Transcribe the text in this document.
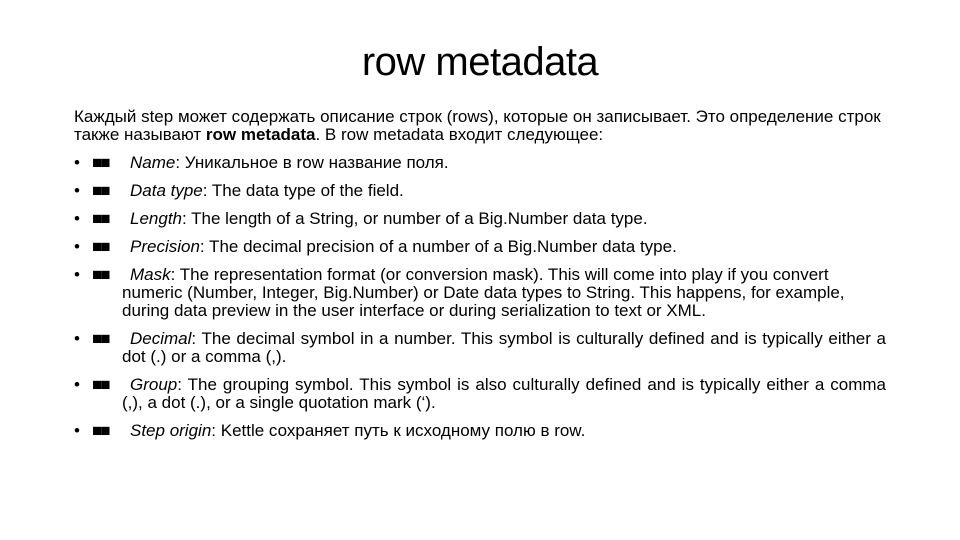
row metadata
Каждый step может содержать описание строк (rows), которые он записывает. Это определение строк также называют row metadata. В row metadata входит следующее:
• ■■ Name: Уникальное в row название поля.
• ■■ Data type: The data type of the field.
• ■■ Length: The length of a String, or number of a Big.Number data type.
• ■■ Precision: The decimal precision of a number of a Big.Number data type.
• ■■ Mask: The representation format (or conversion mask). This will come into play if you convert numeric (Number, Integer, Big.Number) or Date data types to String. This happens, for example, during data preview in the user interface or during serialization to text or XML.
• ■■ Decimal: The decimal symbol in a number. This symbol is culturally defined and is typically either a dot (.) or a comma (,).
• ■■ Group: The grouping symbol. This symbol is also culturally defined and is typically either a comma (,), a dot (.), or a single quotation mark (‘).
• ■■ Step origin: Kettle сохраняет путь к исходному полю в row.
